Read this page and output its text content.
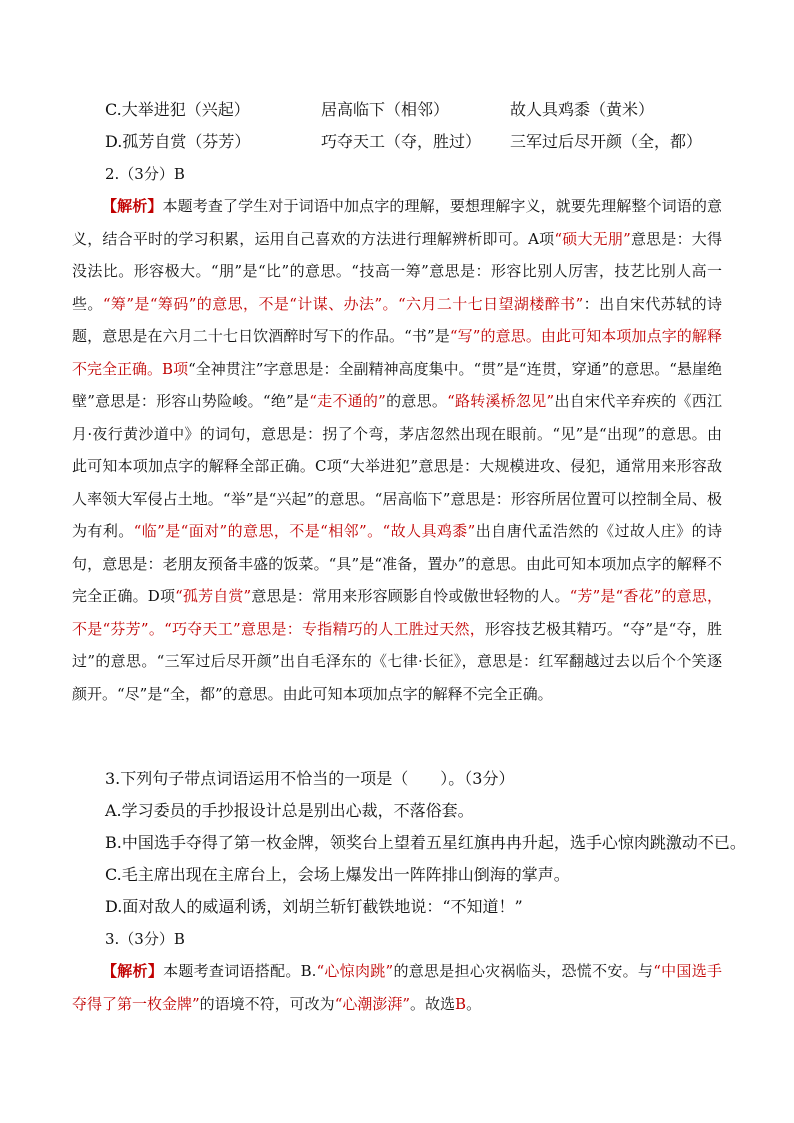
C.大举进犯（兴起）	居高临下（相邻）	故人具鸡黍（黄米）
D.孤芳自赏（芬芳）	巧夺天工（夺，胜过） 三军过后尽开颜（全，都）
2.（3分）B
【解析】本题考查了学生对于词语中加点字的理解，要想理解字义，就要先理解整个词语的意义，结合平时的学习积累，运用自己喜欢的方法进行理解辨析即可。A项“硕大无朋”意思是：大得没法比。形容极大。“朋”是“比”的意思。“技高一筹”意思是：形容比别人厉害，技艺比别人高一些。“筹”是“筹码”的意思，不是“计谋、办法”。“六月二十七日望湖楼醉书”：出自宋代苏轼的诗题，意思是在六月二十七日饮酒醉时写下的作品。“书”是“写”的意思。由此可知本项加点字的解释不完全正确。B项“全神贯注”字意思是：全副精神高度集中。“贯”是“连贯，穿通”的意思。“悬崖绝壁”意思是：形容山势险峻。“绝”是“走不通的”的意思。“路转溪桥忽见”出自宋代辛弃疾的《西江月·夜行黄沙道中》的词句，意思是：拐了个弯，茅店忽然出现在眼前。“见”是“出现”的意思。由此可知本项加点字的解释全部正确。C项“大举进犯”意思是：大规模进攻、侵犯，通常用来形容敌人率领大军侵占土地。“举”是“兴起”的意思。“居高临下”意思是：形容所居位置可以控制全局、极为有利。“临”是“面对”的意思，不是“相邻”。“故人具鸡黍”出自唐代孟浩然的《过故人庄》的诗句，意思是：老朋友预备丰盛的饭菜。“具”是“准备，置办”的意思。由此可知本项加点字的解释不完全正确。D项“孤芳自赏”意思是：常用来形容顾影自怜或傲世轻物的人。“芳”是“香花”的意思，不是“芬芳”。“巧夺天工”意思是：专指精巧的人工胜过天然，形容技艺极其精巧。“夺”是“夺，胜过”的意思。“三军过后尽开颜”出自毛泽东的《七律·长征》，意思是：红军翻越过去以后个个笑逐颜开。“尽”是“全，都”的意思。由此可知本项加点字的解释不完全正确。
3.下列句子带点词语运用不恰当的一项是（　　）。（3分）
A.学习委员的手抄报设计总是别出心裁，不落俗套。
B.中国选手夺得了第一枚金牌，领奖台上望着五星红旗冉冉升起，选手心惊肉跳激动不已。
C.毛主席出现在主席台上，会场上爆发出一阵阵排山倒海的掌声。
D.面对敌人的威逼利诱，刘胡兰斩钉截铁地说：“不知道！”
3.（3分）B
【解析】本题考查词语搭配。B.“心惊肉跳”的意思是担心灾祸临头，恐慌不安。与“中国选手夺得了第一枚金牌”的语境不符，可改为“心潮澎湃”。故选B。
